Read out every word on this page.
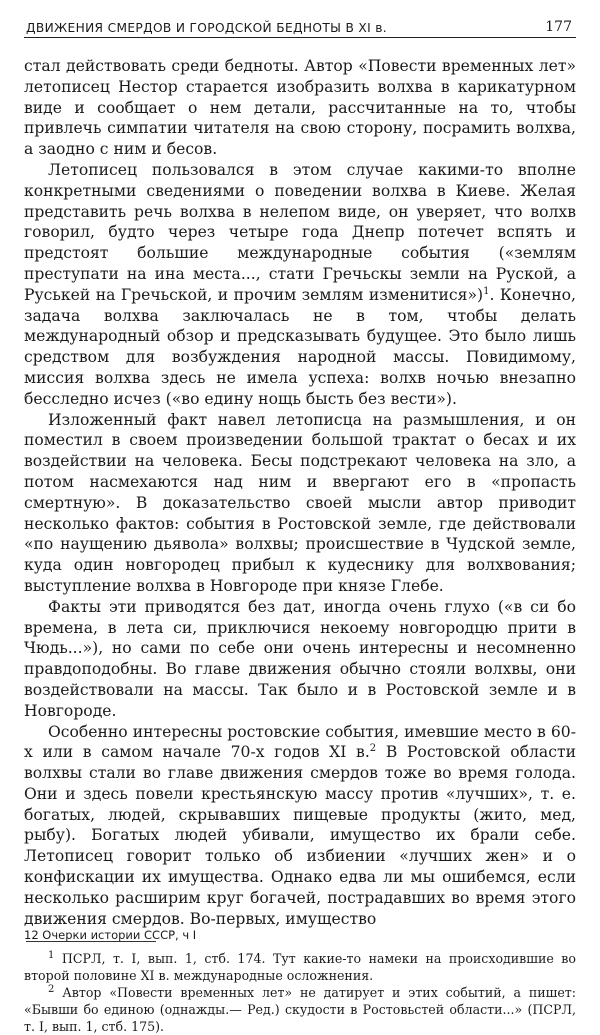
ДВИЖЕНИЯ СМЕРДОВ И ГОРОДСКОЙ БЕДНОТЫ В XI в.	177

стал действовать среди бедноты. Автор «Повести временных лет» летописец Нестор старается изобразить волхва в карикатурном виде и сообщает о нем детали, рассчитанные на то, чтобы привлечь симпатии читателя на свою сторону, посрамить волхва, а заодно с ним и бесов.

Летописец пользовался в этом случае какими-то вполне конкретными сведениями о поведении волхва в Киеве. Желая представить речь волхва в нелепом виде, он уверяет, что волхв говорил, будто через четыре года Днепр потечет вспять и предстоят большие международные события («землям преступати на ина места..., стати Гречьскы земли на Руской, а Руськей на Гречьской, и прочим землям изменитися»)$^1$. Конечно, задача волхва заключалась не в том, чтобы делать международный обзор и предсказывать будущее. Это было лишь средством для возбуждения народной массы. Повидимому, миссия волхва здесь не имела успеха: волхв ночью внезапно бесследно исчез («во едину нощь бысть без вести»).

Изложенный факт навел летописца на размышления, и он поместил в своем произведении большой трактат о бесах и их воздействии на человека. Бесы подстрекают человека на зло, а потом насмехаются над ним и ввергают его в «пропасть смертную». В доказательство своей мысли автор приводит несколько фактов: события в Ростовской земле, где действовали «по наущению дьявола» волхвы; происшествие в Чудской земле, куда один новгородец прибыл к кудеснику для волхвования; выступление волхва в Новгороде при князе Глебе.

Факты эти приводятся без дат, иногда очень глухо («в си бо времена, в лета си, приключися некоему новгородцю прити в Чюдь...»), но сами по себе они очень интересны и несомненно правдоподобны. Во главе движения обычно стояли волхвы, они воздействовали на массы. Так было и в Ростовской земле и в Новгороде.

Особенно интересны ростовские события, имевшие место в 60-х или в самом начале 70-х годов XI в.$^2$ В Ростовской области волхвы стали во главе движения смердов тоже во время голода. Они и здесь повели крестьянскую массу против «лучших», т. е. богатых, людей, скрывавших пищевые продукты (жито, мед, рыбу). Богатых людей убивали, имущество их брали себе. Летописец говорит только об избиении «лучших жен» и о конфискации их имущества. Однако едва ли мы ошибемся, если несколько расширим круг богачей, пострадавших во время этого движения смердов. Во-первых, имущество

$^1$ ПСРЛ, т. I, вып. 1, стб. 174. Тут какие-то намеки на происходившие во второй половине XI в. международные осложнения.

$^2$ Автор «Повести временных лет» не датирует и этих событий, а пишет: «Бывши бо единою (однажды.— Ред.) скудости в Ростовьстей области...» (ПСРЛ, т. I, вып. 1, стб. 175).

12 Очерки истории СССР, ч I
